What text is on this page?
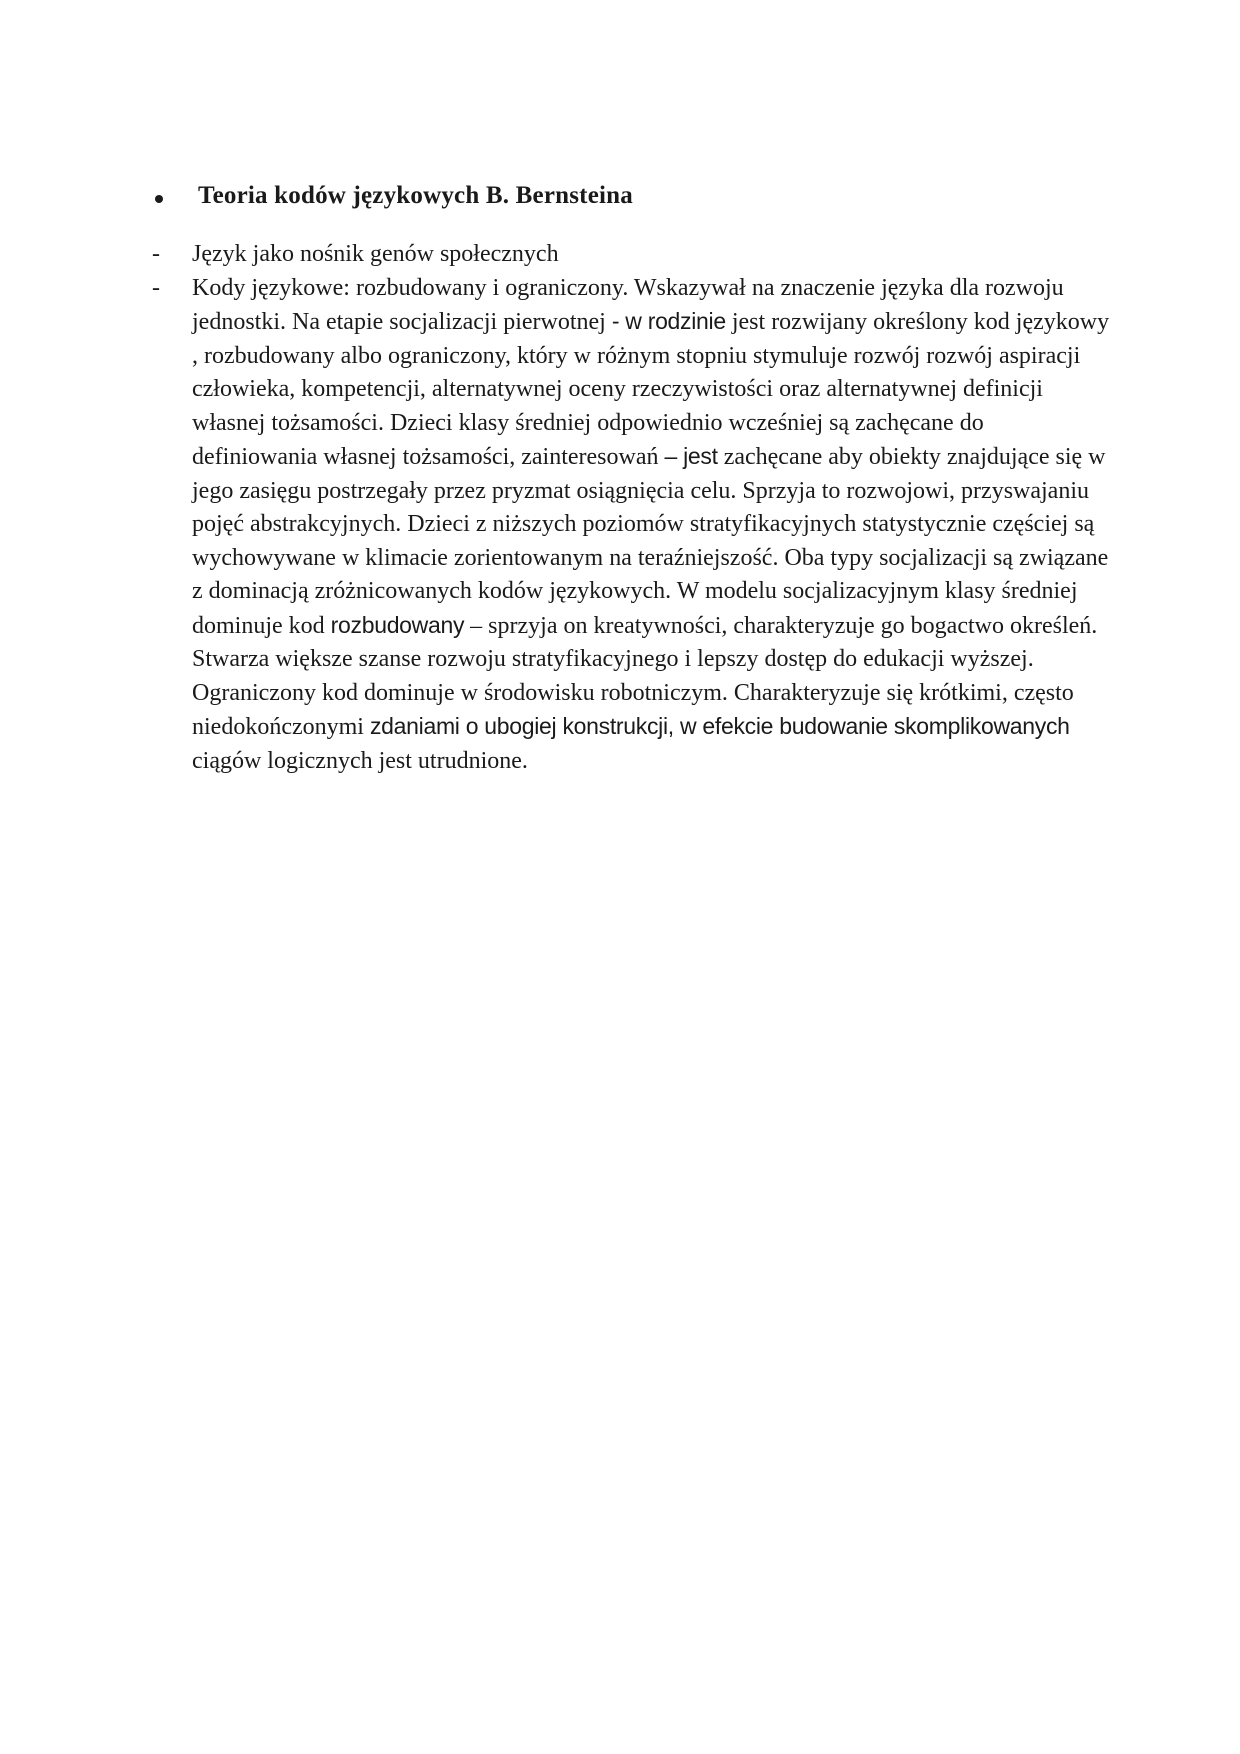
Teoria kodów językowych B. Bernsteina
-	Język jako nośnik genów społecznych
-	Kody językowe: rozbudowany i ograniczony. Wskazywał na znaczenie języka dla rozwoju jednostki. Na etapie socjalizacji pierwotnej - w rodzinie jest rozwijany określony kod językowy , rozbudowany albo ograniczony, który w różnym stopniu stymuluje rozwój rozwój aspiracji człowieka, kompetencji, alternatywnej oceny rzeczywistości oraz alternatywnej definicji własnej tożsamości. Dzieci klasy średniej odpowiednio wcześniej są zachęcane do definiowania własnej tożsamości, zainteresowań – jest zachęcane aby obiekty znajdujące się w jego zasięgu postrzegały przez pryzmat osiągnięcia celu. Sprzyja to rozwojowi, przyswajaniu pojęć abstrakcyjnych. Dzieci z niższych poziomów stratyfikacyjnych statystycznie częściej są wychowywane w klimacie zorientowanym na teraźniejszość. Oba typy socjalizacji są związane z dominacją zróżnicowanych kodów językowych. W modelu socjalizacyjnym klasy średniej dominuje kod rozbudowany – sprzyja on kreatywności, charakteryzuje go bogactwo określeń. Stwarza większe szanse rozwoju stratyfikacyjnego i lepszy dostęp do edukacji wyższej. Ograniczony kod dominuje w środowisku robotniczym. Charakteryzuje się krótkimi, często niedokończonymi zdaniami o ubogiej konstrukcji, w efekcie budowanie skomplikowanych ciągów logicznych jest utrudnione.
